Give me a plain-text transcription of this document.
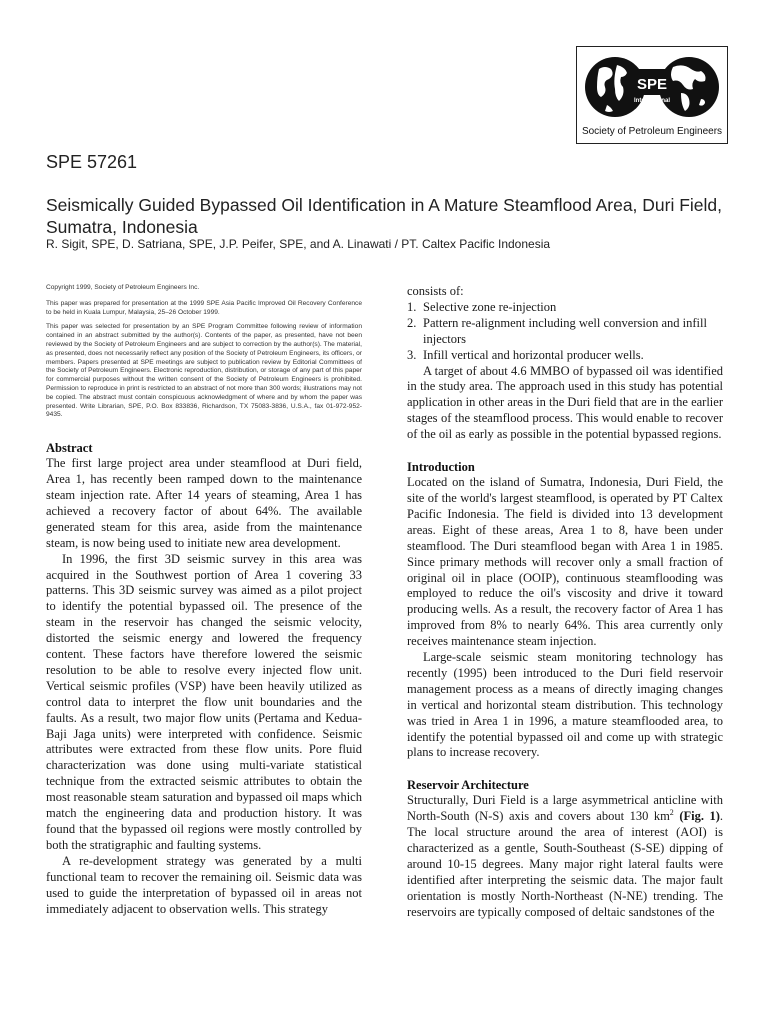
SPE
International
Society of Petroleum Engineers
SPE 57261
Seismically Guided Bypassed Oil Identification in A Mature Steamflood Area, Duri Field, Sumatra, Indonesia
R. Sigit, SPE, D. Satriana, SPE, J.P. Peifer, SPE, and A. Linawati / PT. Caltex Pacific Indonesia

Copyright 1999, Society of Petroleum Engineers Inc.

This paper was prepared for presentation at the 1999 SPE Asia Pacific Improved Oil Recovery Conference to be held in Kuala Lumpur, Malaysia, 25–26 October 1999.

This paper was selected for presentation by an SPE Program Committee following review of information contained in an abstract submitted by the author(s). Contents of the paper, as presented, have not been reviewed by the Society of Petroleum Engineers and are subject to correction by the author(s). The material, as presented, does not necessarily reflect any position of the Society of Petroleum Engineers, its officers, or members. Papers presented at SPE meetings are subject to publication review by Editorial Committees of the Society of Petroleum Engineers. Electronic reproduction, distribution, or storage of any part of this paper for commercial purposes without the written consent of the Society of Petroleum Engineers is prohibited. Permission to reproduce in print is restricted to an abstract of not more than 300 words; illustrations may not be copied. The abstract must contain conspicuous acknowledgment of where and by whom the paper was presented. Write Librarian, SPE, P.O. Box 833836, Richardson, TX 75083-3836, U.S.A., fax 01-972-952-9435.

Abstract

The first large project area under steamflood at Duri field, Area 1, has recently been ramped down to the maintenance steam injection rate. After 14 years of steaming, Area 1 has achieved a recovery factor of about 64%. The available generated steam for this area, aside from the maintenance steam, is now being used to initiate new area development.

In 1996, the first 3D seismic survey in this area was acquired in the Southwest portion of Area 1 covering 33 patterns. This 3D seismic survey was aimed as a pilot project to identify the potential bypassed oil. The presence of the steam in the reservoir has changed the seismic velocity, distorted the seismic energy and lowered the frequency content. These factors have therefore lowered the seismic resolution to be able to resolve every injected flow unit. Vertical seismic profiles (VSP) have been heavily utilized as control data to interpret the flow unit boundaries and the faults. As a result, two major flow units (Pertama and Kedua-Baji Jaga units) were interpreted with confidence. Seismic attributes were extracted from these flow units. Pore fluid characterization was done using multi-variate statistical technique from the extracted seismic attributes to obtain the most reasonable steam saturation and bypassed oil maps which match the engineering data and production history. It was found that the bypassed oil regions were mostly controlled by both the stratigraphic and faulting systems.

A re-development strategy was generated by a multi functional team to recover the remaining oil. Seismic data was used to guide the interpretation of bypassed oil in areas not immediately adjacent to observation wells. This strategy

consists of:

1. Selective zone re-injection
2. Pattern re-alignment including well conversion and infill injectors
3. Infill vertical and horizontal producer wells.

A target of about 4.6 MMBO of bypassed oil was identified in the study area. The approach used in this study has potential application in other areas in the Duri field that are in the earlier stages of the steamflood process. This would enable to recover of the oil as early as possible in the potential bypassed regions.

Introduction

Located on the island of Sumatra, Indonesia, Duri Field, the site of the world's largest steamflood, is operated by PT Caltex Pacific Indonesia. The field is divided into 13 development areas. Eight of these areas, Area 1 to 8, have been under steamflood. The Duri steamflood began with Area 1 in 1985. Since primary methods will recover only a small fraction of original oil in place (OOIP), continuous steamflooding was employed to reduce the oil's viscosity and drive it toward producing wells. As a result, the recovery factor of Area 1 has improved from 8% to nearly 64%. This area currently only receives maintenance steam injection.

Large-scale seismic steam monitoring technology has recently (1995) been introduced to the Duri field reservoir management process as a means of directly imaging changes in vertical and horizontal steam distribution. This technology was tried in Area 1 in 1996, a mature steamflooded area, to identify the potential bypassed oil and come up with strategic plans to increase recovery.

Reservoir Architecture

Structurally, Duri Field is a large asymmetrical anticline with North-South (N-S) axis and covers about 130 $km^2$ (Fig. 1). The local structure around the area of interest (AOI) is characterized as a gentle, South-Southeast (S-SE) dipping of around 10-15 degrees. Many major right lateral faults were identified after interpreting the seismic data. The major fault orientation is mostly North-Northeast (N-NE) trending. The reservoirs are typically composed of deltaic sandstones of the
